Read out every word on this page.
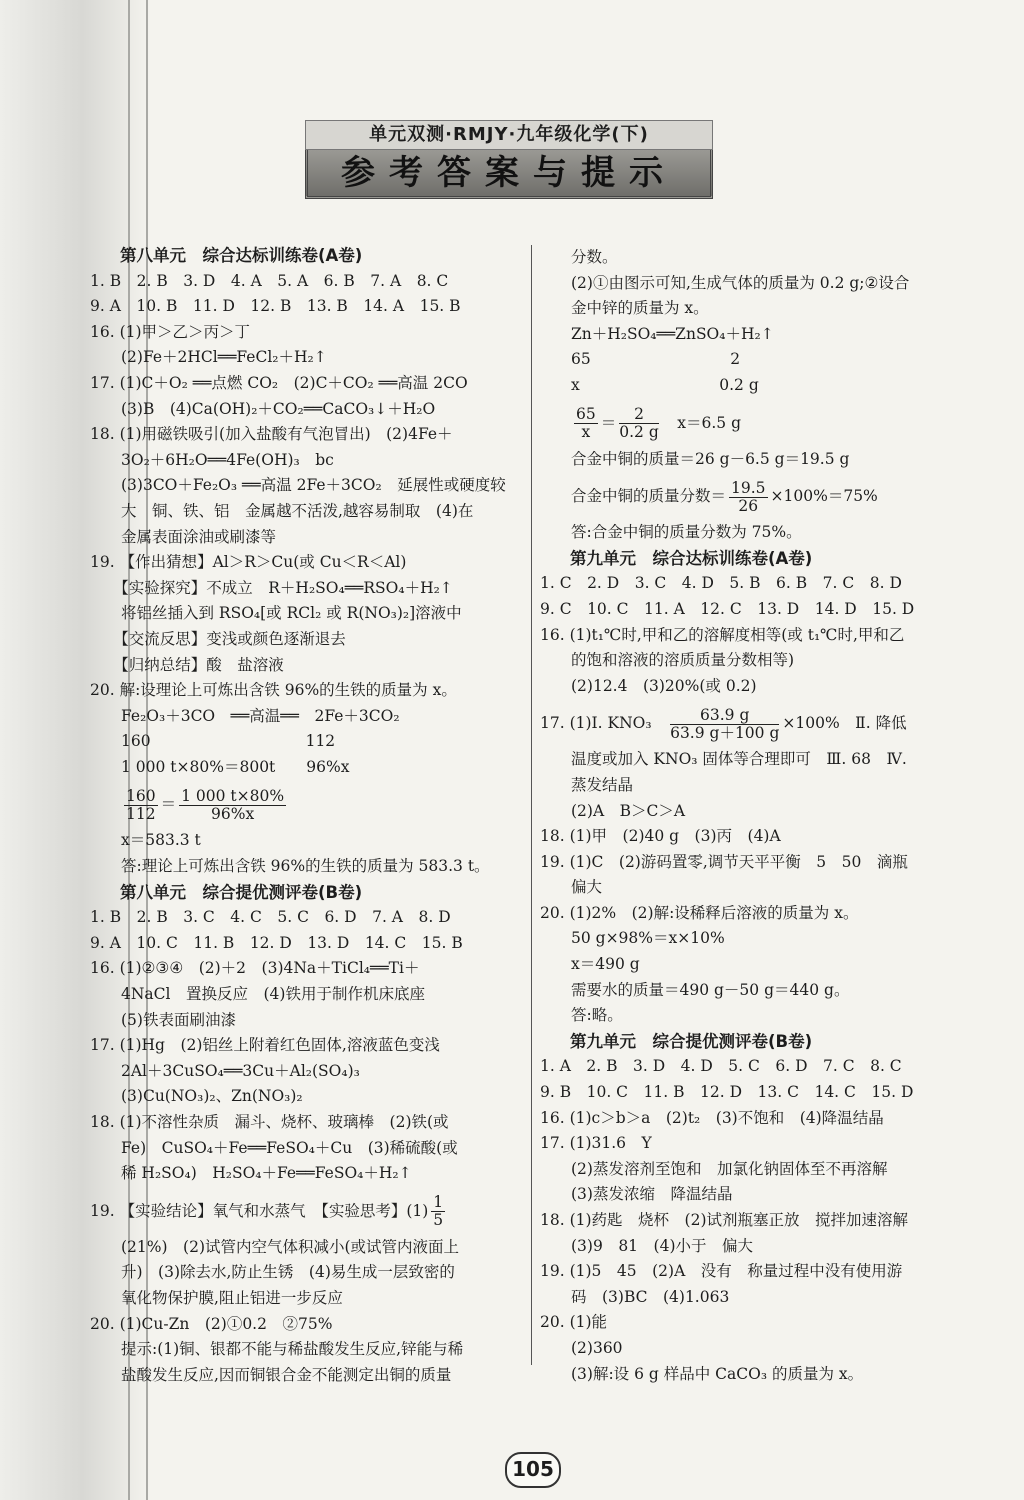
单元双测·RMJY·九年级化学(下)
参考答案与提示
第八单元　综合达标训练卷(A卷)
1. B　2. B　3. D　4. A　5. A　6. B　7. A　8. C
9. A　10. B　11. D　12. B　13. B　14. A　15. B
16. (1)甲＞乙＞丙＞丁
　　(2)Fe＋2HCl══FeCl₂＋H₂↑
17. (1)C＋O₂ ══点燃 CO₂　(2)C＋CO₂ ══高温 2CO
　　(3)B　(4)Ca(OH)₂＋CO₂══CaCO₃↓＋H₂O
18. (1)用磁铁吸引(加入盐酸有气泡冒出)　(2)4Fe＋
　　3O₂＋6H₂O══4Fe(OH)₃　bc
　　(3)3CO＋Fe₂O₃ ══高温 2Fe＋3CO₂　延展性或硬度较
　　大　铜、铁、铝　金属越不活泼,越容易制取　(4)在
　　金属表面涂油或刷漆等
19. 【作出猜想】Al＞R＞Cu(或 Cu＜R＜Al)
　　【实验探究】不成立　R＋H₂SO₄══RSO₄＋H₂↑
　　将铝丝插入到 RSO₄[或 RCl₂ 或 R(NO₃)₂]溶液中
　　【交流反思】变浅或颜色逐渐退去
　　【归纳总结】酸　盐溶液
20. 解:设理论上可炼出含铁 96%的生铁的质量为 x。
　　Fe₂O₃＋3CO　══高温══　2Fe＋3CO₂
　　160　　　　　　　　　　112
　　1 000 t×80%＝800t　　96%x

$\frac{160}{112} = \frac{1 000 t\times 80\%}{96\%x}$
　　x＝583.3 t
　　答:理论上可炼出含铁 96%的生铁的质量为 583.3 t。
第八单元　综合提优测评卷(B卷)
1. B　2. B　3. C　4. C　5. C　6. D　7. A　8. D
9. A　10. C　11. B　12. D　13. D　14. C　15. B
16. (1)②③④　(2)＋2　(3)4Na＋TiCl₄══Ti＋
　　4NaCl　置换反应　(4)铁用于制作机床底座
　　(5)铁表面刷油漆
17. (1)Hg　(2)铝丝上附着红色固体,溶液蓝色变浅
　　2Al＋3CuSO₄══3Cu＋Al₂(SO₄)₃
　　(3)Cu(NO₃)₂、Zn(NO₃)₂
18. (1)不溶性杂质　漏斗、烧杯、玻璃棒　(2)铁(或
　　Fe)　CuSO₄＋Fe══FeSO₄＋Cu　(3)稀硫酸(或
　　稀 H₂SO₄)　H₂SO₄＋Fe══FeSO₄＋H₂↑
19. 【实验结论】氧气和水蒸气　【实验思考】$(1) \frac{1}{5}$
　　(21%)　(2)试管内空气体积减小(或试管内液面上
　　升)　(3)除去水,防止生锈　(4)易生成一层致密的
　　氧化物保护膜,阻止铝进一步反应
20. (1)Cu-Zn　(2)①0.2　②75%
　　提示:(1)铜、银都不能与稀盐酸发生反应,锌能与稀
　　盐酸发生反应,因而铜银合金不能测定出铜的质量
　　分数。
　　(2)①由图示可知,生成气体的质量为 0.2 g;②设合
　　金中锌的质量为 x。
　　Zn＋H₂SO₄══ZnSO₄＋H₂↑
　　65　　　　　　　　　2
　　x　　　　　　　　　0.2 g

$\frac{65}{x} = \frac{2}{0.2 g}$ 　x＝6.5 g
　　合金中铜的质量＝26 g－6.5 g＝19.5 g
　　合金中铜的质量分数＝ $\frac{19.5}{26} \times 100\%=75\%$
　　答:合金中铜的质量分数为 75%。
第九单元　综合达标训练卷(A卷)
1. C　2. D　3. C　4. D　5. B　6. B　7. C　8. D
9. C　10. C　11. A　12. C　13. D　14. D　15. D
16. (1)t₁℃时,甲和乙的溶解度相等(或 t₁℃时,甲和乙
　　的饱和溶液的溶质质量分数相等)
　　(2)12.4　(3)20%(或 0.2)
17. (1)Ⅰ. KNO₃　 $\frac{63.9 g}{63.9 g+100 g} \times 100\%$　Ⅱ. 降低
　　温度或加入 KNO₃ 固体等合理即可　Ⅲ. 68　Ⅳ.
　　蒸发结晶
　　(2)A　B＞C＞A
18. (1)甲　(2)40 g　(3)丙　(4)A
19. (1)C　(2)游码置零,调节天平平衡　5　50　滴瓶
　　偏大
20. (1)2%　(2)解:设稀释后溶液的质量为 x。
　　50 g×98%＝x×10%
　　x＝490 g
　　需要水的质量＝490 g－50 g＝440 g。
　　答:略。
第九单元　综合提优测评卷(B卷)
1. A　2. B　3. D　4. D　5. C　6. D　7. C　8. C
9. B　10. C　11. B　12. D　13. C　14. C　15. D
16. (1)c＞b＞a　(2)t₂　(3)不饱和　(4)降温结晶
17. (1)31.6　Y
　　(2)蒸发溶剂至饱和　加氯化钠固体至不再溶解
　　(3)蒸发浓缩　降温结晶
18. (1)药匙　烧杯　(2)试剂瓶塞正放　搅拌加速溶解
　　(3)9　81　(4)小于　偏大
19. (1)5　45　(2)A　没有　称量过程中没有使用游
　　码　(3)BC　(4)1.063
20. (1)能
　　(2)360
　　(3)解:设 6 g 样品中 CaCO₃ 的质量为 x。
105
